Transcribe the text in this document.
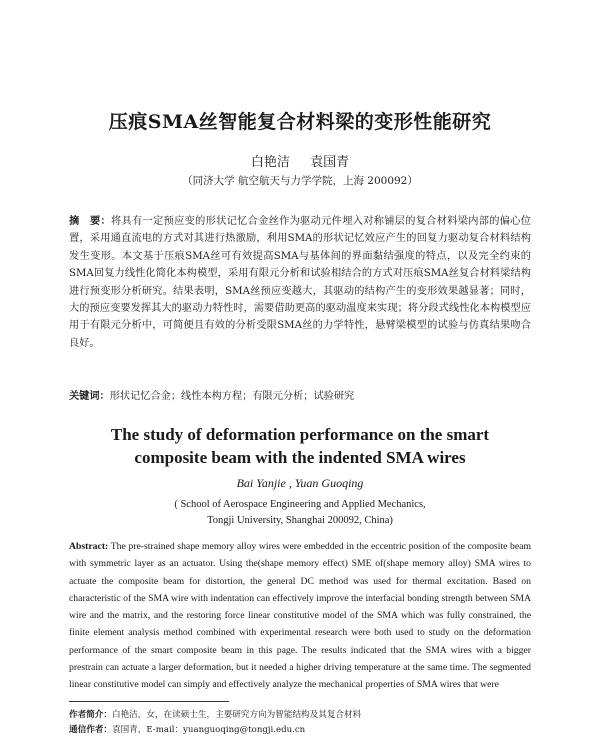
压痕SMA丝智能复合材料梁的变形性能研究

白艳洁 袁国青

（同济大学 航空航天与力学学院，上海 200092）

摘　要：将具有一定预应变的形状记忆合金丝作为驱动元件埋入对称铺层的复合材料梁内部的偏心位置，采用通直流电的方式对其进行热激励，利用SMA的形状记忆效应产生的回复力驱动复合材料结构发生变形。本文基于压痕SMA丝可有效提高SMA与基体间的界面黏结强度的特点，以及完全约束的SMA回复力线性化简化本构模型，采用有限元分析和试验相结合的方式对压痕SMA丝复合材料梁结构进行预变形分析研究。结果表明，SMA丝预应变越大，其驱动的结构产生的变形效果越显著；同时，大的预应变要发挥其大的驱动力特性时，需要借助更高的驱动温度来实现；将分段式线性化本构模型应用于有限元分析中，可简便且有效的分析受限SMA丝的力学特性，悬臂梁模型的试验与仿真结果吻合良好。

关键词：形状记忆合金；线性本构方程；有限元分析；试验研究

The study of deformation performance on the smart
composite beam with the indented SMA wires

Bai Yanjie , Yuan Guoqing

( School of Aerospace Engineering and Applied Mechanics,
Tongji University, Shanghai 200092, China)

Abstract: The pre-strained shape memory alloy wires were embedded in the eccentric position of the composite beam with symmetric layer as an actuator. Using the(shape memory effect) SME of(shape memory alloy) SMA wires to actuate the composite beam for distortion, the general DC method was used for thermal excitation. Based on characteristic of the SMA wire with indentation can effectively improve the interfacial bonding strength between SMA wire and the matrix, and the restoring force linear constitutive model of the SMA which was fully constrained, the finite element analysis method combined with experimental research were both used to study on the deformation performance of the smart composite beam in this page. The results indicated that the SMA wires with a bigger prestrain can actuate a larger deformation, but it needed a higher driving temperature at the same time. The segmented linear constitutive model can simply and effectively analyze the mechanical properties of SMA wires that were

作者简介：白艳洁，女，在读硕士生，主要研究方向为智能结构及其复合材料

通信作者：袁国青，E-mail：yuanguoqing@tongji.edu.cn
